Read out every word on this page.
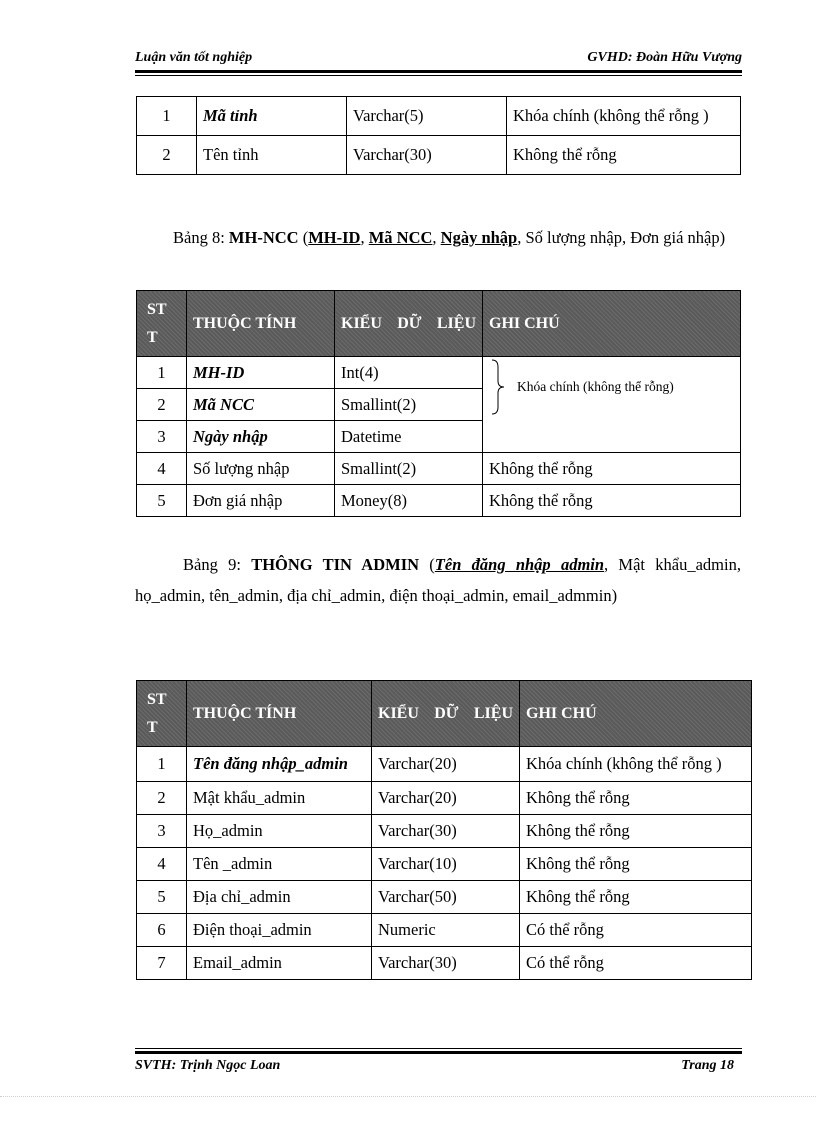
Luận văn tốt nghiệp	GVHD: Đoàn Hữu Vượng
1	Mã tỉnh	Varchar(5)	Khóa chính (không thể rỗng )
2	Tên tỉnh	Varchar(30)	Không thể rỗng
Bảng 8: MH-NCC (MH-ID, Mã NCC, Ngày nhập, Số lượng nhập, Đơn giá nhập)
STT	THUỘC TÍNH	KIỂU DỮ LIỆU	GHI CHÚ
1	MH-ID	Int(4)	Khóa chính (không thể rỗng)

2	Mã NCC	Smallint(2)	
3	Ngày nhập	Datetime	
4	Số lượng nhập	Smallint(2)	Không thể rỗng
5	Đơn giá nhập	Money(8)	Không thể rỗng
Bảng 9: THÔNG TIN ADMIN (Tên đăng nhập admin, Mật khẩu_admin, họ_admin, tên_admin, địa chỉ_admin, điện thoại_admin, email_admmin)
STT	THUỘC TÍNH	KIỂU DỮ LIỆU	GHI CHÚ
1	Tên đăng nhập_admin	Varchar(20)	Khóa chính (không thể rỗng )
2	Mật khẩu_admin	Varchar(20)	Không thể rỗng
3	Họ_admin	Varchar(30)	Không thể rỗng
4	Tên _admin	Varchar(10)	Không thể rỗng
5	Địa chỉ_admin	Varchar(50)	Không thể rỗng
6	Điện thoại_admin	Numeric	Có thể rỗng
7	Email_admin	Varchar(30)	Có thể rỗng
SVTH: Trịnh Ngọc Loan	Trang 18
